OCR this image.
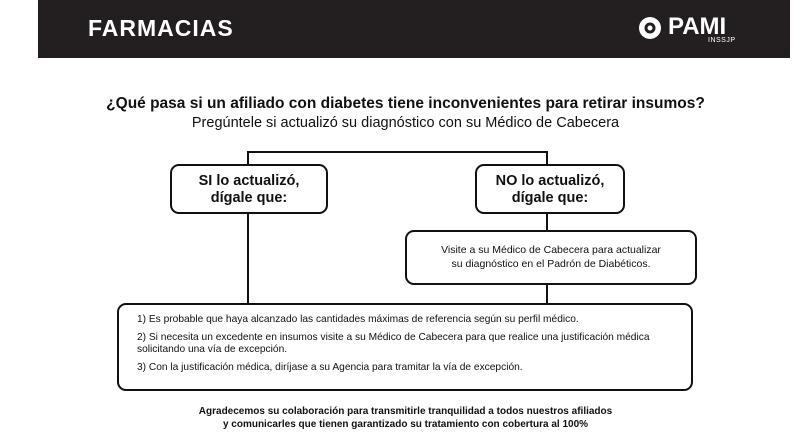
FARMACIAS	PAMI
INSSJP
¿Qué pasa si un afiliado con diabetes tiene inconvenientes para retirar insumos?
Pregúntele si actualizó su diagnóstico con su Médico de Cabecera
SI lo actualizó,
dígale que:
NO lo actualizó,
dígale que:
Visite a su Médico de Cabecera para actualizar
su diagnóstico en el Padrón de Diabéticos.

1) Es probable que haya alcanzado las cantidades máximas de referencia según su perfil médico.

2) Si necesita un excedente en insumos visite a su Médico de Cabecera para que realice una justificación médica solicitando una vía de excepción.

3) Con la justificación médica, diríjase a su Agencia para tramitar la vía de excepción.

Agradecemos su colaboración para transmitirle tranquilidad a todos nuestros afiliados
y comunicarles que tienen garantizado su tratamiento con cobertura al 100%
